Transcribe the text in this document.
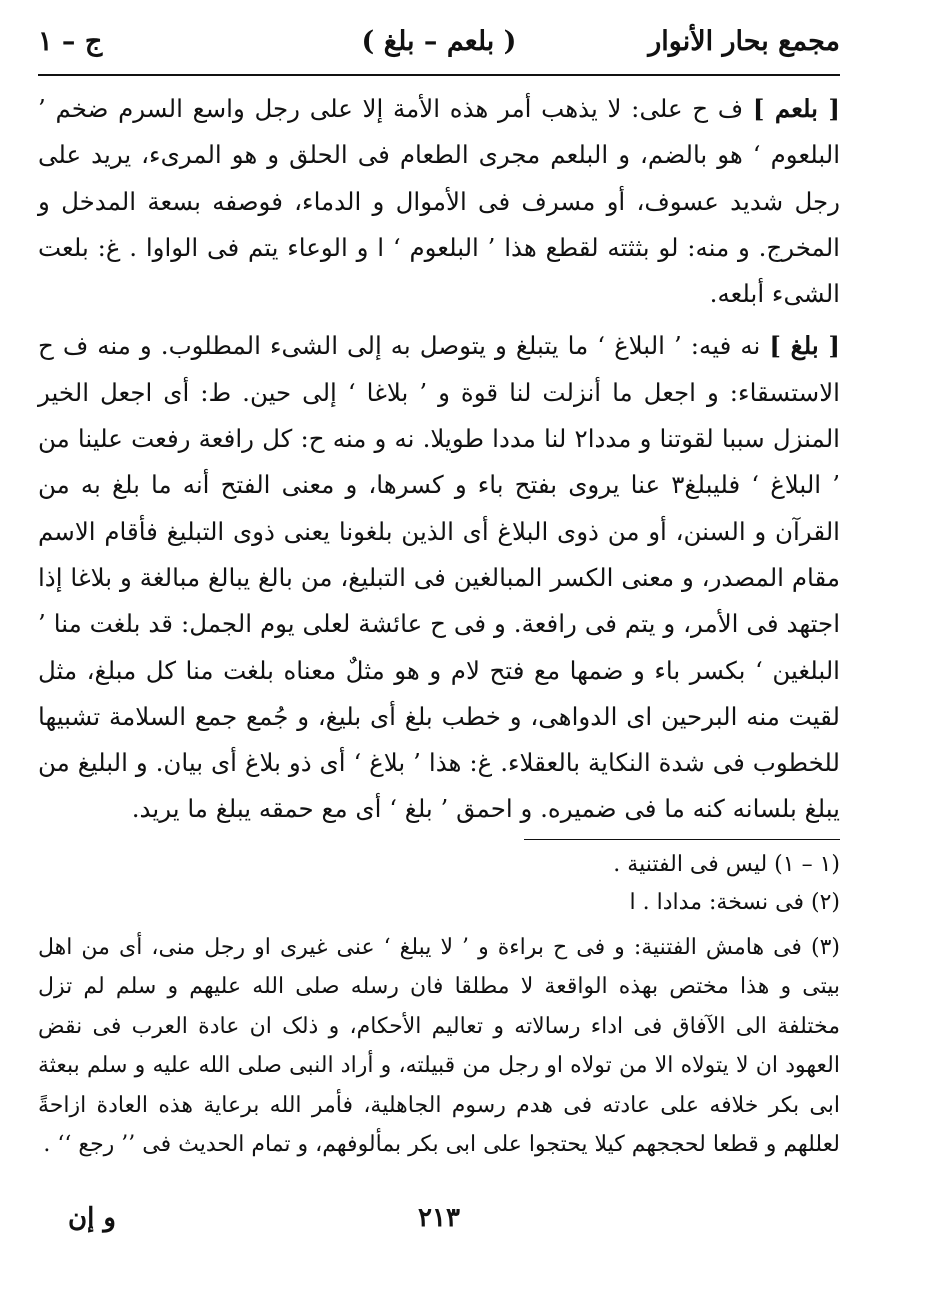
مجمع بحار الأنوار
( بلعم – بلغ )
ج – ١

[ بلعم ] ف ح علی: لا یذهب أمر هذه الأمة إلا علی رجل واسع السرم ضخم ’ البلعوم ‘ هو بالضم، و البلعم مجری الطعام فی الحلق و هو المریء، یرید علی رجل شدید عسوف، أو مسرف فی الأموال و الدماء، فوصفه بسعة المدخل و المخرج. و منه: لو بثثته لقطع هذا ’ البلعوم ‘ ا و الوعاء یتم فی الواوا . غ: بلعت الشیء أبلعه.

[ بلغ ] نه فیه: ’ البلاغ ‘ ما یتبلغ و یتوصل به إلی الشیء المطلوب. و منه ف ح الاستسقاء: و اجعل ما أنزلت لنا قوة و ’ بلاغا ‘ إلی حین. ط: أی اجعل الخیر المنزل سببا لقوتنا و مددا٢ لنا مددا طویلا. نه و منه ح: کل رافعة رفعت علینا من ’ البلاغ ‘ فلیبلغ٣ عنا یروی بفتح باء و کسرها، و معنی الفتح أنه ما بلغ به من القرآن و السنن، أو من ذوی البلاغ أی الذین بلغونا یعنی ذوی التبلیغ فأقام الاسم مقام المصدر، و معنی الکسر المبالغین فی التبلیغ، من بالغ یبالغ مبالغة و بلاغا إذا اجتهد فی الأمر، و یتم فی رافعة. و فی ح عائشة لعلی یوم الجمل: قد بلغت منا ’ البلغین ‘ بکسر باء و ضمها مع فتح لام و هو مثلٌ معناه بلغت منا کل مبلغ، مثل لقیت منه البرحین ای الدواهی، و خطب بلغ أی بلیغ، و جُمع جمع السلامة تشبیها للخطوب فی شدة النکایة بالعقلاء. غ: هذا ’ بلاغ ‘ أی ذو بلاغ أی بیان. و البلیغ من یبلغ بلسانه کنه ما فی ضمیره. و احمق ’ بلغ ‘ أی مع حمقه یبلغ ما یرید.

(١ – ١) لیس فی الفتنیة .

(٢) فی نسخة: مدادا . ا

(٣) فی هامش الفتنیة: و فی ح براءة و ’ لا یبلغ ‘ عنی غیری او رجل منی، أی من اهل بیتی و هذا مختص بهذه الواقعة لا مطلقا فان رسله صلی الله علیهم و سلم لم تزل مختلفة الی الآفاق فی اداء رسالاته و تعالیم الأحکام، و ذلک ان عادة العرب فی نقض العهود ان لا یتولاه الا من تولاه او رجل من قبیلته، و أراد النبی صلی الله علیه و سلم ببعثة ابی بکر خلافه علی عادته فی هدم رسوم الجاهلیة، فأمر الله برعایة هذه العادة ازاحةً لعللهم و قطعا لحججهم کیلا یحتجوا علی ابی بکر بمألوفهم، و تمام الحدیث فی ’’ رجع ‘‘ .

٢١٣
و إن
